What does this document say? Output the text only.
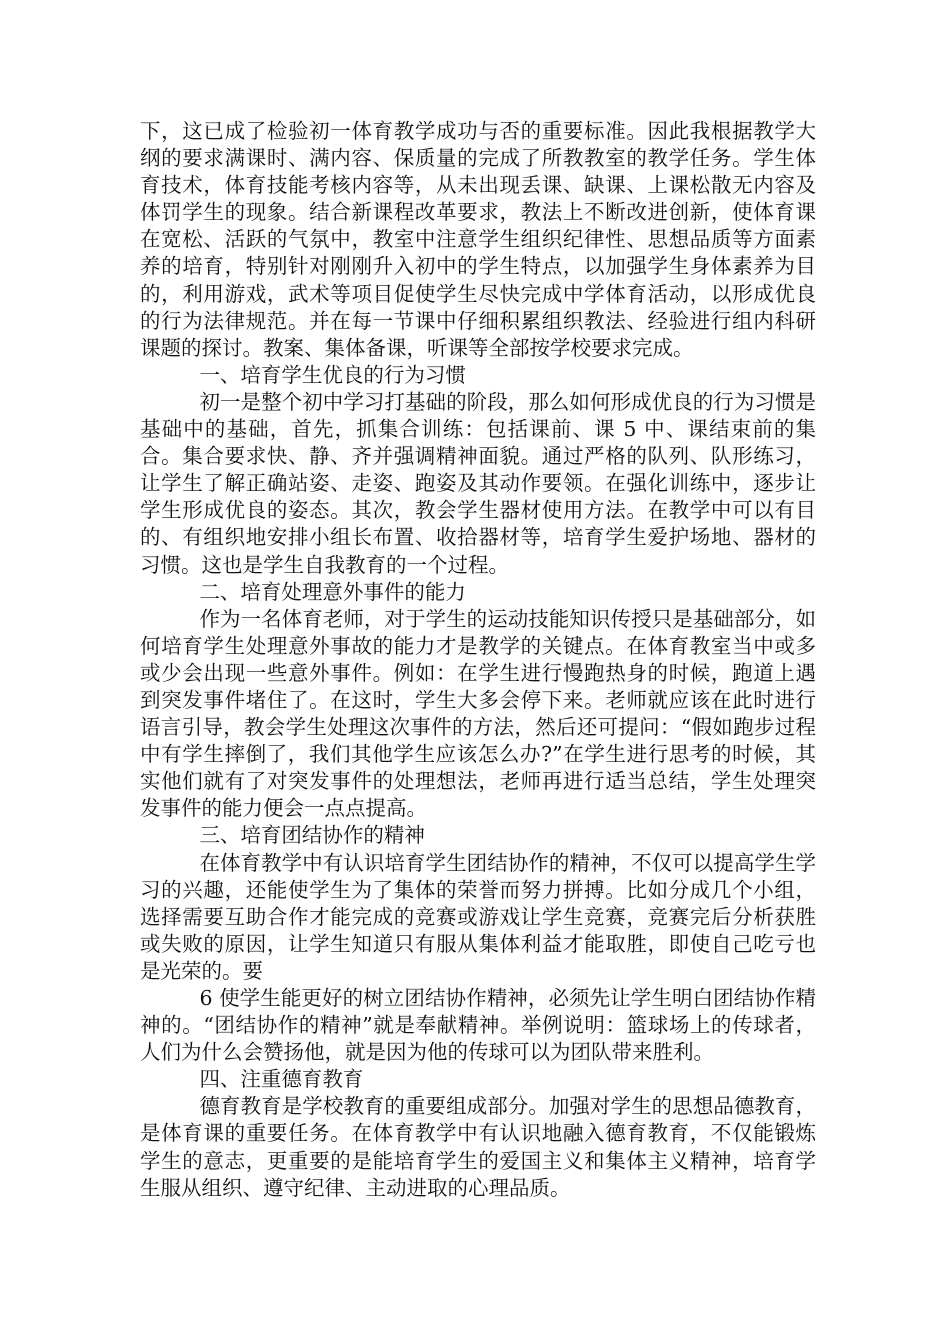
下，这已成了检验初一体育教学成功与否的重要标准。因此我根据教学大纲的要求满课时、满内容、保质量的完成了所教教室的教学任务。学生体育技术，体育技能考核内容等，从未出现丢课、缺课、上课松散无内容及体罚学生的现象。结合新课程改革要求，教法上不断改进创新，使体育课在宽松、活跃的气氛中，教室中注意学生组织纪律性、思想品质等方面素养的培育，特别针对刚刚升入初中的学生特点，以加强学生身体素养为目的，利用游戏，武术等项目促使学生尽快完成中学体育活动，以形成优良的行为法律规范。并在每一节课中仔细积累组织教法、经验进行组内科研课题的探讨。教案、集体备课，听课等全部按学校要求完成。

一、培育学生优良的行为习惯

初一是整个初中学习打基础的阶段，那么如何形成优良的行为习惯是基础中的基础，首先，抓集合训练：包括课前、课 5 中、课结束前的集合。集合要求快、静、齐并强调精神面貌。通过严格的队列、队形练习，让学生了解正确站姿、走姿、跑姿及其动作要领。在强化训练中，逐步让学生形成优良的姿态。其次，教会学生器材使用方法。在教学中可以有目的、有组织地安排小组长布置、收拾器材等，培育学生爱护场地、器材的习惯。这也是学生自我教育的一个过程。

二、培育处理意外事件的能力

作为一名体育老师，对于学生的运动技能知识传授只是基础部分，如何培育学生处理意外事故的能力才是教学的关键点。在体育教室当中或多或少会出现一些意外事件。例如：在学生进行慢跑热身的时候，跑道上遇到突发事件堵住了。在这时，学生大多会停下来。老师就应该在此时进行语言引导，教会学生处理这次事件的方法，然后还可提问：“假如跑步过程中有学生摔倒了，我们其他学生应该怎么办?”在学生进行思考的时候，其实他们就有了对突发事件的处理想法，老师再进行适当总结，学生处理突发事件的能力便会一点点提高。

三、培育团结协作的精神

在体育教学中有认识培育学生团结协作的精神，不仅可以提高学生学习的兴趣，还能使学生为了集体的荣誉而努力拼搏。比如分成几个小组，选择需要互助合作才能完成的竞赛或游戏让学生竞赛，竞赛完后分析获胜或失败的原因，让学生知道只有服从集体利益才能取胜，即使自己吃亏也是光荣的。要

6 使学生能更好的树立团结协作精神，必须先让学生明白团结协作精神的。“团结协作的精神”就是奉献精神。举例说明：篮球场上的传球者，人们为什么会赞扬他，就是因为他的传球可以为团队带来胜利。

四、注重德育教育

德育教育是学校教育的重要组成部分。加强对学生的思想品德教育，是体育课的重要任务。在体育教学中有认识地融入德育教育，不仅能锻炼学生的意志，更重要的是能培育学生的爱国主义和集体主义精神，培育学生服从组织、遵守纪律、主动进取的心理品质。
